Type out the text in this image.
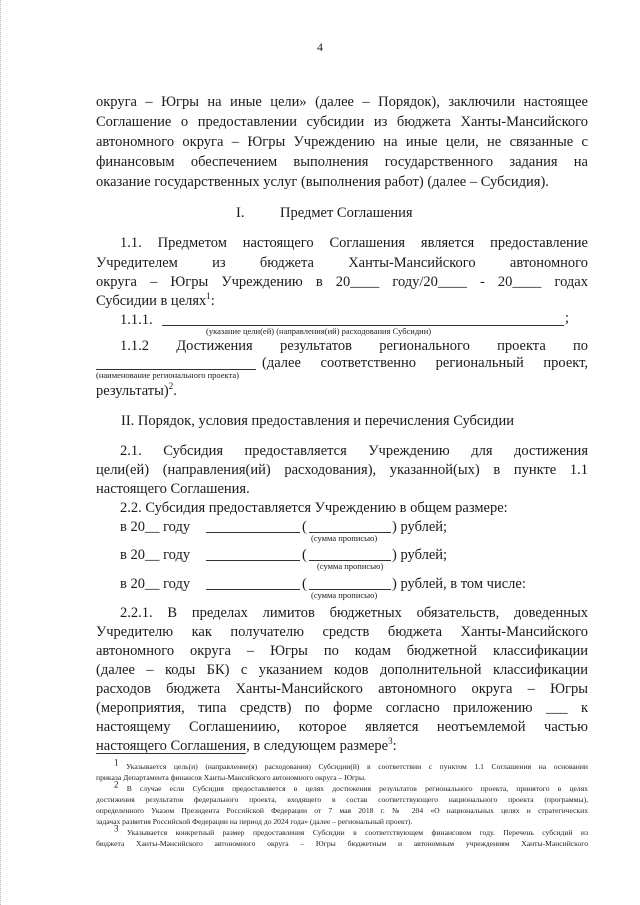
4
округа – Югры на иные цели» (далее – Порядок), заключили настоящее
Соглашение о предоставлении субсидии из бюджета Ханты-Мансийского
автономного округа – Югры Учреждению на иные цели, не связанные с
финансовым обеспечением выполнения государственного задания на
оказание государственных услуг (выполнения работ) (далее – Субсидия).
I. Предмет Соглашения
1.1. Предметом настоящего Соглашения является предоставление
Учредителем из бюджета Ханты-Мансийского автономного
округа – Югры Учреждению в 20____ году/20____ - 20____ годах
Субсидии в целях$^1$:
1.1.1.	;
(указание цели(ей) (направления(ий) расходования Субсидии)
1.1.2 Достижения результатов регионального проекта по
(далее соответственно региональный проект,
(наименование регионального проекта)
результаты)$^2$.
II. Порядок, условия предоставления и перечисления Субсидии
2.1. Субсидия предоставляется Учреждению для достижения
цели(ей) (направления(ий) расходования), указанной(ых) в пункте 1.1
настоящего Соглашения.
2.2. Субсидия предоставляется Учреждению в общем размере:
в 20__ году	(	) рублей;
(сумма прописью)
в 20__ году	(	) рублей;
(сумма прописью)
в 20__ году	(	) рублей, в том числе:
(сумма прописью)
2.2.1. В пределах лимитов бюджетных обязательств, доведенных
Учредителю как получателю средств бюджета Ханты-Мансийского
автономного округа – Югры по кодам бюджетной классификации
(далее – коды БК) с указанием кодов дополнительной классификации
расходов бюджета Ханты-Мансийского автономного округа – Югры
(мероприятия, типа средств) по форме согласно приложению ___ к
настоящему Соглашениию, которое является неотъемлемой частью
настоящего Соглашения, в следующем размере$^3$:
$^1$ Указывается цель(и) (направление(я) расходования) Субсидии(й) в соответствии с пунктом 1.1 Соглашения на основании
приказа Департамента финансов Ханты-Мансийского автономного округа – Югры.
$^2$ В случае если Субсидия предоставляется в целях достижения результатов регионального проекта, принятого в целях
достижения результатов федерального проекта, входящего в состав соответствующего национального проекта (программы),
определенного Указом Президента Российской Федерации от 7 мая 2018 г. № 204 «О национальных целях и стратегических
задачах развития Российской Федерации на период до 2024 года» (далее – региональный проект).
$^3$ Указывается конкретный размер предоставления Субсидии в соответствующем финансовом году. Перечень субсидий из
бюджета Ханты-Мансийского автономного округа – Югры бюджетным и автономным учреждениям Ханты-Мансийского
